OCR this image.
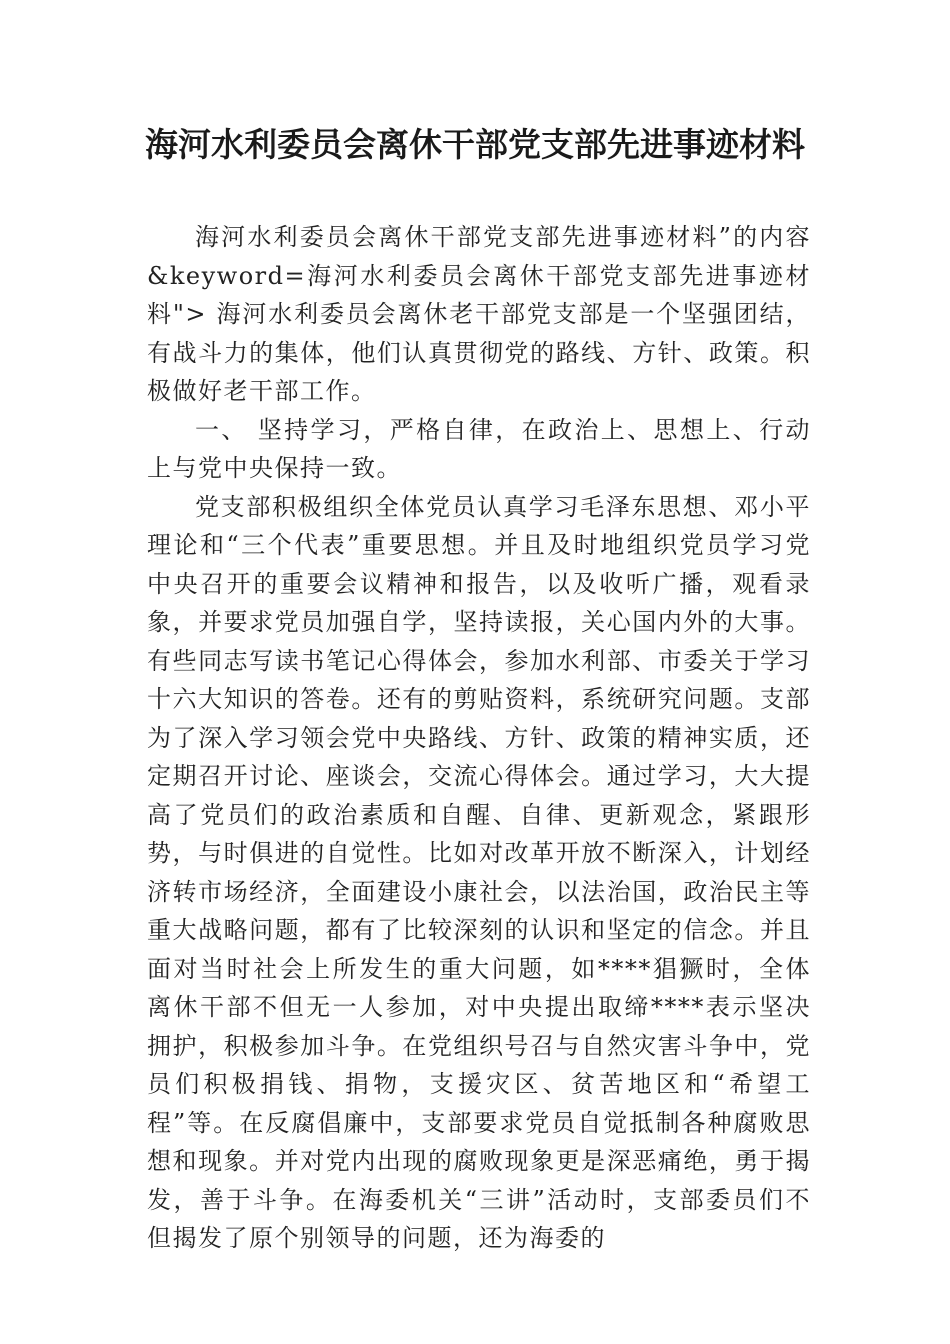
海河水利委员会离休干部党支部先进事迹材料

海河水利委员会离休干部党支部先进事迹材料”的内容&keyword=海河水利委员会离休干部党支部先进事迹材料"> 海河水利委员会离休老干部党支部是一个坚强团结，有战斗力的集体，他们认真贯彻党的路线、方针、政策。积极做好老干部工作。

一、 坚持学习，严格自律，在政治上、思想上、行动上与党中央保持一致。

党支部积极组织全体党员认真学习毛泽东思想、邓小平理论和“三个代表”重要思想。并且及时地组织党员学习党中央召开的重要会议精神和报告，以及收听广播，观看录象，并要求党员加强自学，坚持读报，关心国内外的大事。有些同志写读书笔记心得体会，参加水利部、市委关于学习十六大知识的答卷。还有的剪贴资料，系统研究问题。支部为了深入学习领会党中央路线、方针、政策的精神实质，还定期召开讨论、座谈会，交流心得体会。通过学习，大大提高了党员们的政治素质和自醒、自律、更新观念，紧跟形势，与时俱进的自觉性。比如对改革开放不断深入，计划经济转市场经济，全面建设小康社会，以法治国，政治民主等重大战略问题，都有了比较深刻的认识和坚定的信念。并且面对当时社会上所发生的重大问题，如****猖獗时，全体离休干部不但无一人参加，对中央提出取缔****表示坚决拥护，积极参加斗争。在党组织号召与自然灾害斗争中，党员们积极捐钱、捐物，支援灾区、贫苦地区和“希望工程”等。在反腐倡廉中，支部要求党员自觉抵制各种腐败思想和现象。并对党内出现的腐败现象更是深恶痛绝，勇于揭发，善于斗争。在海委机关“三讲”活动时，支部委员们不但揭发了原个别领导的问题，还为海委的
